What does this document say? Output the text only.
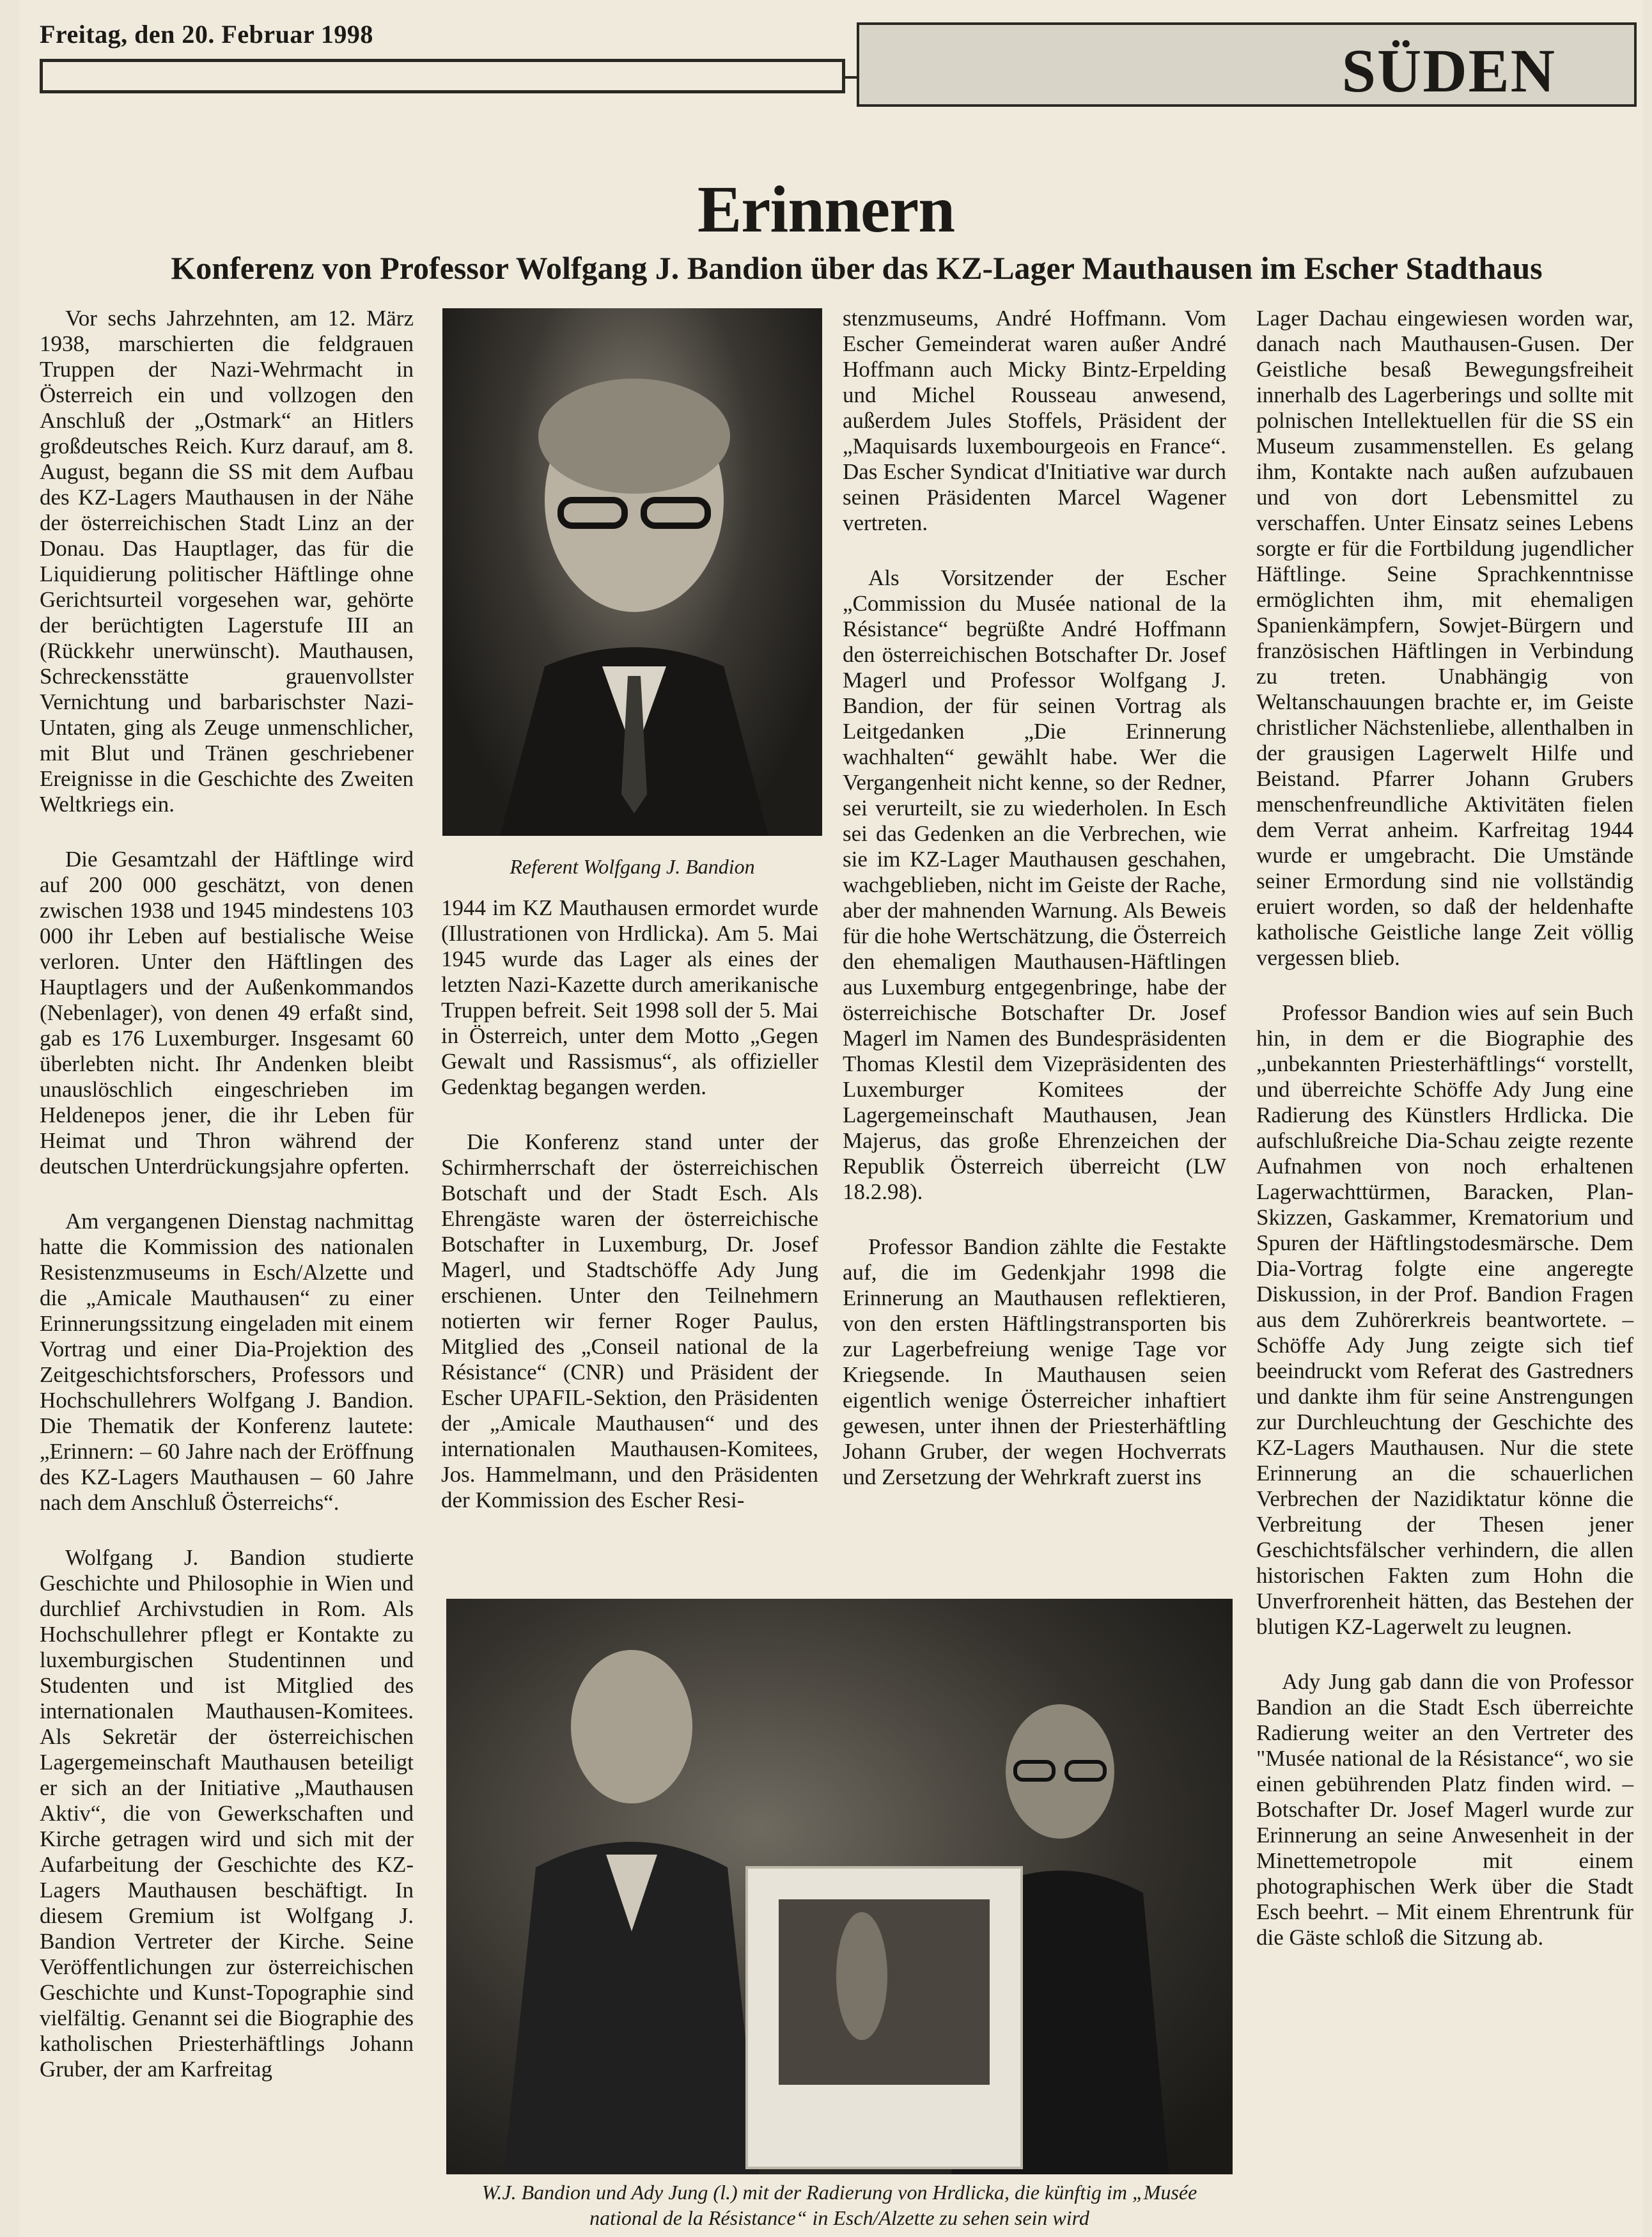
Freitag, den 20. Februar 1998
SÜDEN
Erinnern
Konferenz von Professor Wolfgang J. Bandion über das KZ-Lager Mauthausen im Escher Stadthaus

Vor sechs Jahrzehnten, am 12. März 1938, marschierten die feldgrauen Truppen der Nazi-Wehrmacht in Österreich ein und vollzogen den Anschluß der „Ostmark“ an Hitlers großdeutsches Reich. Kurz darauf, am 8. August, begann die SS mit dem Aufbau des KZ-Lagers Mauthausen in der Nähe der österreichischen Stadt Linz an der Donau. Das Hauptlager, das für die Liquidierung politischer Häftlinge ohne Gerichtsurteil vorgesehen war, gehörte der berüchtigten Lagerstufe III an (Rückkehr unerwünscht). Mauthausen, Schreckensstätte grauenvollster Vernichtung und barbarischster Nazi-Untaten, ging als Zeuge unmenschlicher, mit Blut und Tränen geschriebener Ereignisse in die Geschichte des Zweiten Weltkriegs ein.

Die Gesamtzahl der Häftlinge wird auf 200 000 geschätzt, von denen zwischen 1938 und 1945 mindestens 103 000 ihr Leben auf bestialische Weise verloren. Unter den Häftlingen des Hauptlagers und der Außenkommandos (Nebenlager), von denen 49 erfaßt sind, gab es 176 Luxemburger. Insgesamt 60 überlebten nicht. Ihr Andenken bleibt unauslöschlich eingeschrieben im Heldenepos jener, die ihr Leben für Heimat und Thron während der deutschen Unterdrückungsjahre opferten.

Am vergangenen Dienstag nachmittag hatte die Kommission des nationalen Resistenzmuseums in Esch/Alzette und die „Amicale Mauthausen“ zu einer Erinnerungssitzung eingeladen mit einem Vortrag und einer Dia-Projektion des Zeitgeschichtsforschers, Professors und Hochschullehrers Wolfgang J. Bandion. Die Thematik der Konferenz lautete: „Erinnern: – 60 Jahre nach der Eröffnung des KZ-Lagers Mauthausen – 60 Jahre nach dem Anschluß Österreichs“.

Wolfgang J. Bandion studierte Geschichte und Philosophie in Wien und durchlief Archivstudien in Rom. Als Hochschullehrer pflegt er Kontakte zu luxemburgischen Studentinnen und Studenten und ist Mitglied des internationalen Mauthausen-Komitees. Als Sekretär der österreichischen Lagergemeinschaft Mauthausen beteiligt er sich an der Initiative „Mauthausen Aktiv“, die von Gewerkschaften und Kirche getragen wird und sich mit der Aufarbeitung der Geschichte des KZ-Lagers Mauthausen beschäftigt. In diesem Gremium ist Wolfgang J. Bandion Vertreter der Kirche. Seine Veröffentlichungen zur österreichischen Geschichte und Kunst-Topographie sind vielfältig. Genannt sei die Biographie des katholischen Priesterhäftlings Johann Gruber, der am Karfreitag

Referent Wolfgang J. Bandion

1944 im KZ Mauthausen ermordet wurde (Illustrationen von Hrdlicka). Am 5. Mai 1945 wurde das Lager als eines der letzten Nazi-Kazette durch amerikanische Truppen befreit. Seit 1998 soll der 5. Mai in Österreich, unter dem Motto „Gegen Gewalt und Rassismus“, als offizieller Gedenktag begangen werden.

Die Konferenz stand unter der Schirmherrschaft der österreichischen Botschaft und der Stadt Esch. Als Ehrengäste waren der österreichische Botschafter in Luxemburg, Dr. Josef Magerl, und Stadtschöffe Ady Jung erschienen. Unter den Teilnehmern notierten wir ferner Roger Paulus, Mitglied des „Conseil national de la Résistance“ (CNR) und Präsident der Escher UPAFIL-Sektion, den Präsidenten der „Amicale Mauthausen“ und des internationalen Mauthausen-Komitees, Jos. Hammelmann, und den Präsidenten der Kommission des Escher Resi-

stenzmuseums, André Hoffmann. Vom Escher Gemeinderat waren außer André Hoffmann auch Micky Bintz-Erpelding und Michel Rousseau anwesend, außerdem Jules Stoffels, Präsident der „Maquisards luxembourgeois en France“. Das Escher Syndicat d'Initiative war durch seinen Präsidenten Marcel Wagener vertreten.

Als Vorsitzender der Escher „Commission du Musée national de la Résistance“ begrüßte André Hoffmann den österreichischen Botschafter Dr. Josef Magerl und Professor Wolfgang J. Bandion, der für seinen Vortrag als Leitgedanken „Die Erinnerung wachhalten“ gewählt habe. Wer die Vergangenheit nicht kenne, so der Redner, sei verurteilt, sie zu wiederholen. In Esch sei das Gedenken an die Verbrechen, wie sie im KZ-Lager Mauthausen geschahen, wachgeblieben, nicht im Geiste der Rache, aber der mahnenden Warnung. Als Beweis für die hohe Wertschätzung, die Österreich den ehemaligen Mauthausen-Häftlingen aus Luxemburg entgegenbringe, habe der österreichische Botschafter Dr. Josef Magerl im Namen des Bundespräsidenten Thomas Klestil dem Vizepräsidenten des Luxemburger Komitees der Lagergemeinschaft Mauthausen, Jean Majerus, das große Ehrenzeichen der Republik Österreich überreicht (LW 18.2.98).

Professor Bandion zählte die Festakte auf, die im Gedenkjahr 1998 die Erinnerung an Mauthausen reflektieren, von den ersten Häftlingstransporten bis zur Lagerbefreiung wenige Tage vor Kriegsende. In Mauthausen seien eigentlich wenige Österreicher inhaftiert gewesen, unter ihnen der Priesterhäftling Johann Gruber, der wegen Hochverrats und Zersetzung der Wehrkraft zuerst ins

Lager Dachau eingewiesen worden war, danach nach Mauthausen-Gusen. Der Geistliche besaß Bewegungsfreiheit innerhalb des Lagerberings und sollte mit polnischen Intellektuellen für die SS ein Museum zusammenstellen. Es gelang ihm, Kontakte nach außen aufzubauen und von dort Lebensmittel zu verschaffen. Unter Einsatz seines Lebens sorgte er für die Fortbildung jugendlicher Häftlinge. Seine Sprachkenntnisse ermöglichten ihm, mit ehemaligen Spanienkämpfern, Sowjet-Bürgern und französischen Häftlingen in Verbindung zu treten. Unabhängig von Weltanschauungen brachte er, im Geiste christlicher Nächstenliebe, allenthalben in der grausigen Lagerwelt Hilfe und Beistand. Pfarrer Johann Grubers menschenfreundliche Aktivitäten fielen dem Verrat anheim. Karfreitag 1944 wurde er umgebracht. Die Umstände seiner Ermordung sind nie vollständig eruiert worden, so daß der heldenhafte katholische Geistliche lange Zeit völlig vergessen blieb.

Professor Bandion wies auf sein Buch hin, in dem er die Biographie des „unbekannten Priesterhäftlings“ vorstellt, und überreichte Schöffe Ady Jung eine Radierung des Künstlers Hrdlicka. Die aufschlußreiche Dia-Schau zeigte rezente Aufnahmen von noch erhaltenen Lagerwachttürmen, Baracken, Plan-Skizzen, Gaskammer, Krematorium und Spuren der Häftlingstodesmärsche. Dem Dia-Vortrag folgte eine angeregte Diskussion, in der Prof. Bandion Fragen aus dem Zuhörerkreis beantwortete. – Schöffe Ady Jung zeigte sich tief beeindruckt vom Referat des Gastredners und dankte ihm für seine Anstrengungen zur Durchleuchtung der Geschichte des KZ-Lagers Mauthausen. Nur die stete Erinnerung an die schauerlichen Verbrechen der Nazidiktatur könne die Verbreitung der Thesen jener Geschichtsfälscher verhindern, die allen historischen Fakten zum Hohn die Unverfrorenheit hätten, das Bestehen der blutigen KZ-Lagerwelt zu leugnen.

Ady Jung gab dann die von Professor Bandion an die Stadt Esch überreichte Radierung weiter an den Vertreter des "Musée national de la Résistance“, wo sie einen gebührenden Platz finden wird. – Botschafter Dr. Josef Magerl wurde zur Erinnerung an seine Anwesenheit in der Minettemetropole mit einem photographischen Werk über die Stadt Esch beehrt. – Mit einem Ehrentrunk für die Gäste schloß die Sitzung ab.

W.J. Bandion und Ady Jung (l.) mit der Radierung von Hrdlicka, die künftig im „Musée national de la Résistance“ in Esch/Alzette zu sehen sein wird
